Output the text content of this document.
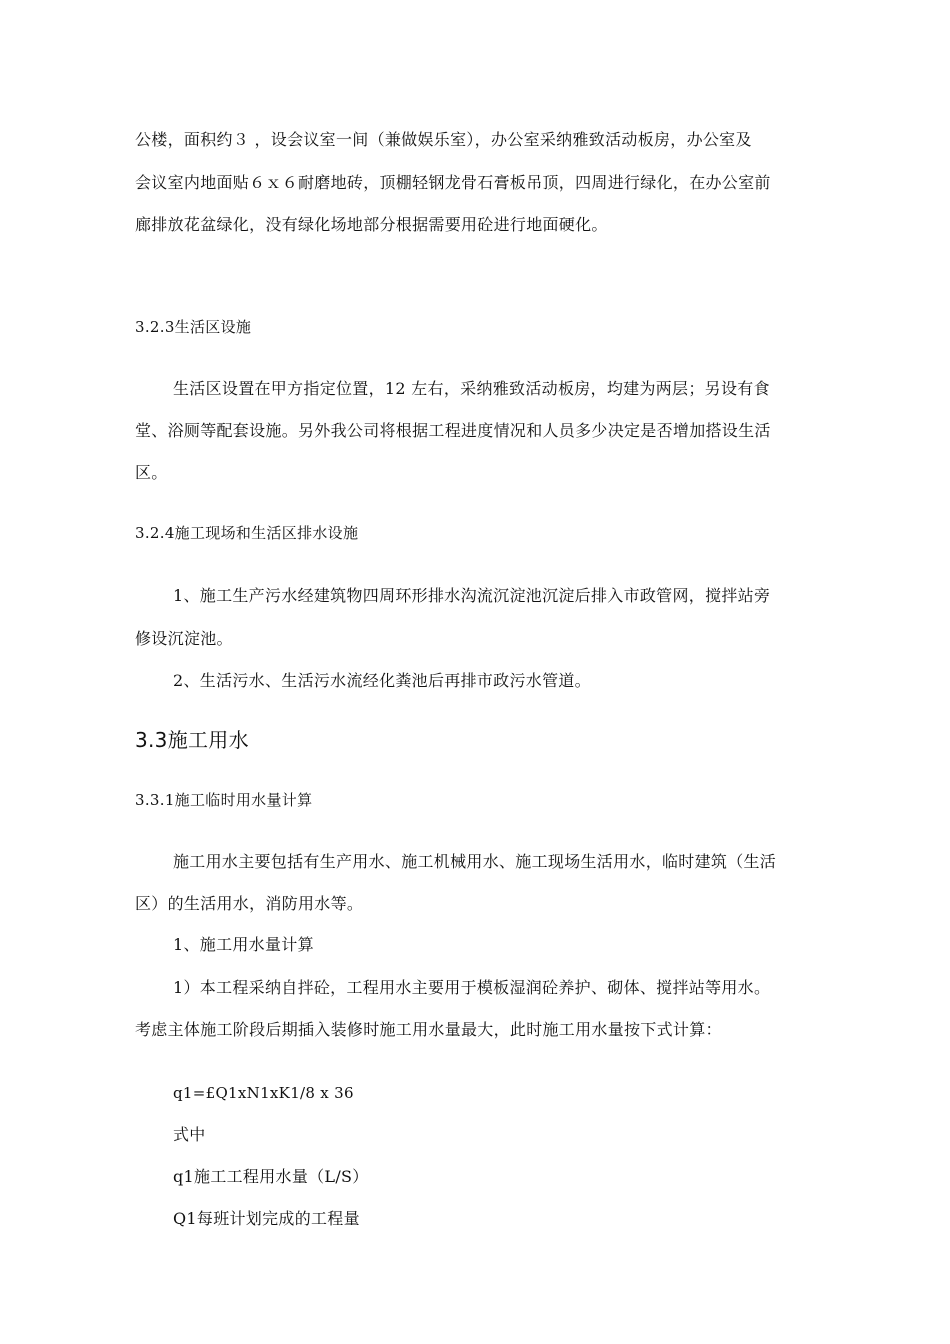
公楼，面积约３ ，设会议室一间（兼做娱乐室），办公室采纳雅致活动板房，办公室及
会议室内地面贴６ｘ６耐磨地砖，顶棚轻钢龙骨石膏板吊顶，四周进行绿化，在办公室前
廊排放花盆绿化，没有绿化场地部分根据需要用砼进行地面硬化。
3.2.3生活区设施
生活区设置在甲方指定位置，12 左右，采纳雅致活动板房，均建为两层；另设有食
堂、浴厕等配套设施。另外我公司将根据工程进度情况和人员多少决定是否增加搭设生活
区。
3.2.4施工现场和生活区排水设施
1、施工生产污水经建筑物四周环形排水沟流沉淀池沉淀后排入市政管网，搅拌站旁
修设沉淀池。
2、生活污水、生活污水流经化粪池后再排市政污水管道。
3.3施工用水
3.3.1施工临时用水量计算
施工用水主要包括有生产用水、施工机械用水、施工现场生活用水，临时建筑（生活
区）的生活用水，消防用水等。
1、施工用水量计算
1）本工程采纳自拌砼，工程用水主要用于模板湿润砼养护、砌体、搅拌站等用水。
考虑主体施工阶段后期插入装修时施工用水量最大，此时施工用水量按下式计算：
q1=£Q1xN1xK1/8 x 36
式中
q1施工工程用水量（L/S）
Q1每班计划完成的工程量
